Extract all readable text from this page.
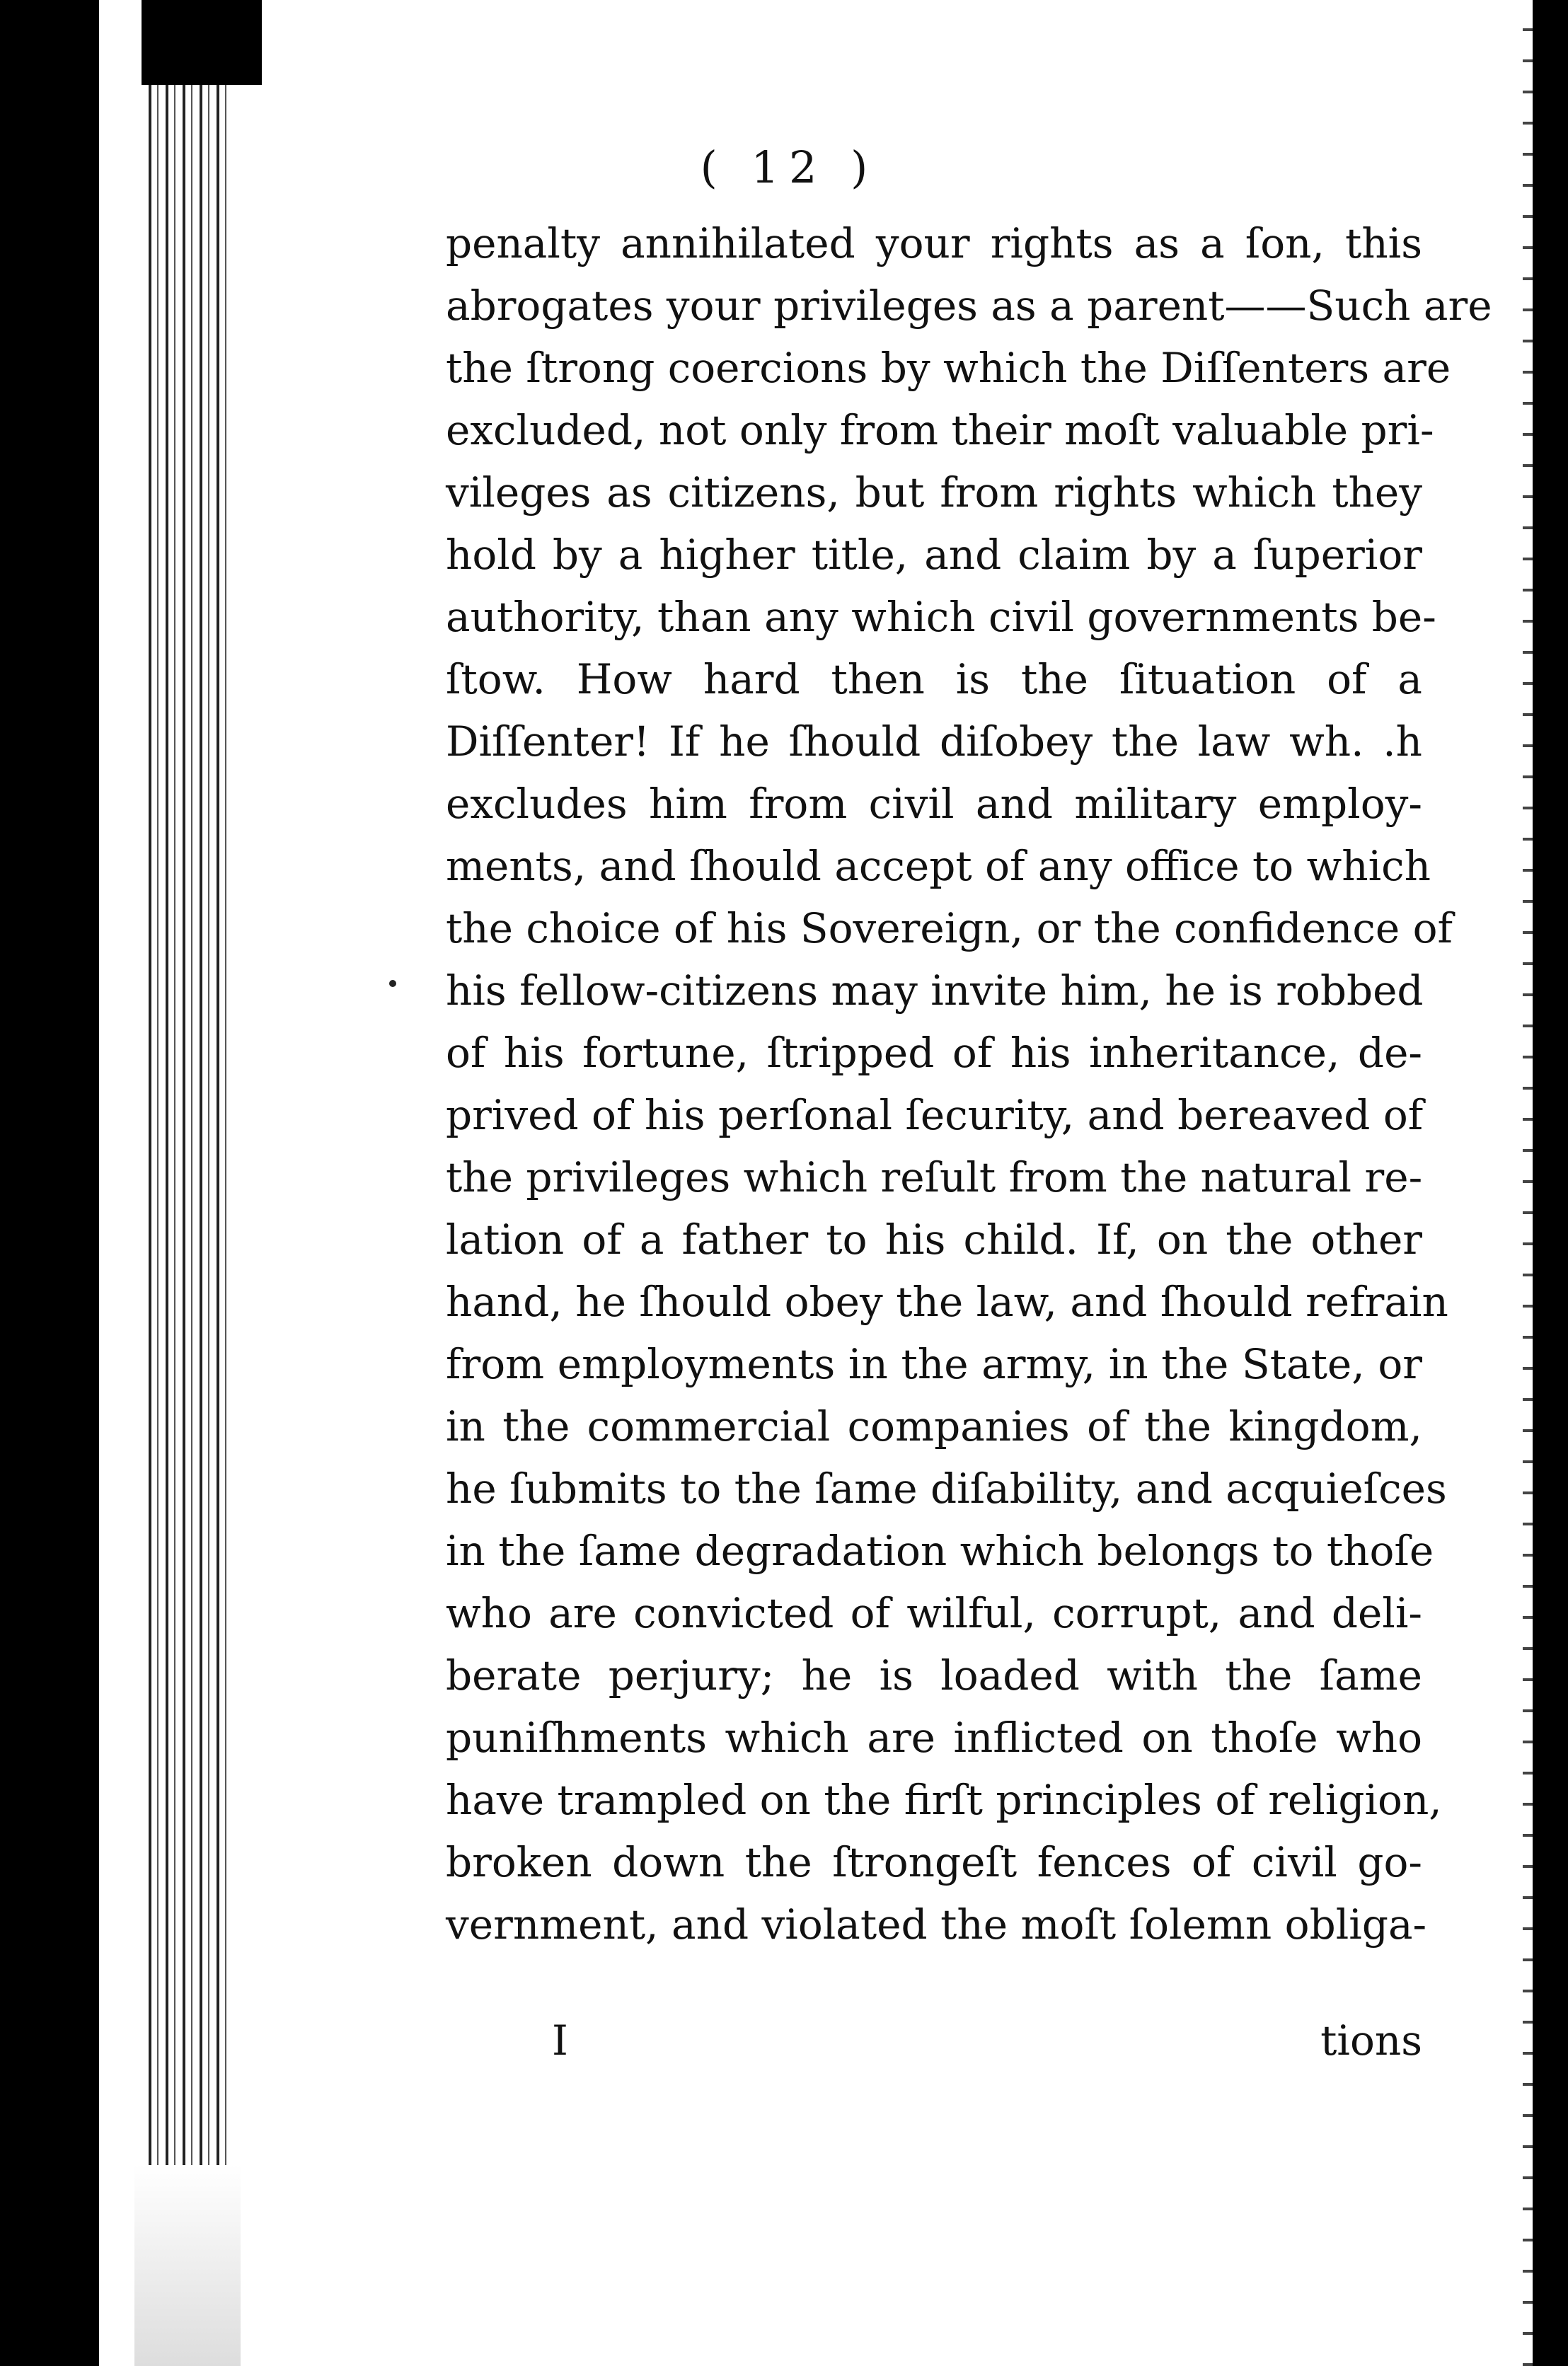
( 12 )
penalty annihilated your rights as a ſon, this
abrogates your privileges as a parent——Such are
the ſtrong coercions by which the Diſſenters are
excluded, not only from their moſt valuable pri-
vileges as citizens, but from rights which they
hold by a higher title, and claim by a ſuperior
authority, than any which civil governments be-
ſtow. How hard then is the ſituation of a
Diſſenter! If he ſhould diſobey the law wh. .h
excludes him from civil and military employ-
ments, and ſhould accept of any office to which
the choice of his Sovereign, or the confidence of
his fellow-citizens may invite him, he is robbed
of his fortune, ſtripped of his inheritance, de-
prived of his perſonal ſecurity, and bereaved of
the privileges which reſult from the natural re-
lation of a father to his child. If, on the other
hand, he ſhould obey the law, and ſhould refrain
from employments in the army, in the State, or
in the commercial companies of the kingdom,
he ſubmits to the ſame diſability, and acquieſces
in the ſame degradation which belongs to thoſe
who are convicted of wilful, corrupt, and deli-
berate perjury; he is loaded with the ſame
puniſhments which are inflicted on thoſe who
have trampled on the firſt principles of religion,
broken down the ſtrongeſt fences of civil go-
vernment, and violated the moſt ſolemn obliga-
I	tions
